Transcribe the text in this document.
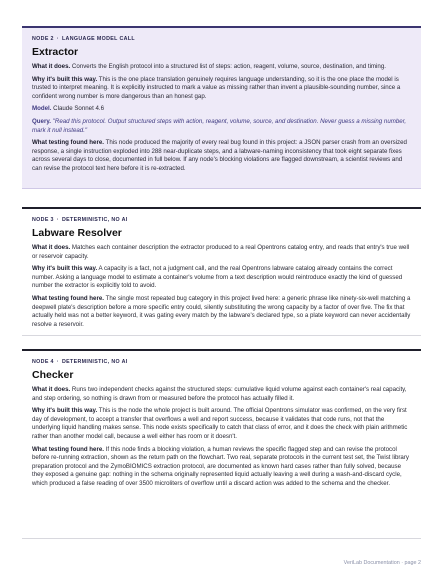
NODE 2 · LANGUAGE MODEL CALL
Extractor

What it does. Converts the English protocol into a structured list of steps: action, reagent, volume, source, destination, and timing.

Why it's built this way. This is the one place translation genuinely requires language understanding, so it is the one place the model is trusted to interpret meaning. It is explicitly instructed to mark a value as missing rather than invent a plausible-sounding number, since a confident wrong number is more dangerous than an honest gap.

Model. Claude Sonnet 4.6

Query. "Read this protocol. Output structured steps with action, reagent, volume, source, and destination. Never guess a missing number, mark it null instead."

What testing found here. This node produced the majority of every real bug found in this project: a JSON parser crash from an oversized response, a single instruction exploded into 288 near-duplicate steps, and a labware-naming inconsistency that took eight separate fixes across several days to close, documented in full below. If any node's blocking violations are flagged downstream, a scientist reviews and can revise the protocol text here before it is re-extracted.

NODE 3 · DETERMINISTIC, NO AI
Labware Resolver

What it does. Matches each container description the extractor produced to a real Opentrons catalog entry, and reads that entry's true well or reservoir capacity.

Why it's built this way. A capacity is a fact, not a judgment call, and the real Opentrons labware catalog already contains the correct number. Asking a language model to estimate a container's volume from a text description would reintroduce exactly the kind of guessed number the extractor is explicitly told to avoid.

What testing found here. The single most repeated bug category in this project lived here: a generic phrase like ninety-six-well matching a deepwell plate's description before a more specific entry could, silently substituting the wrong capacity by a factor of over five. The fix that actually held was not a better keyword, it was gating every match by the labware's declared type, so a plate keyword can never accidentally resolve a reservoir.

NODE 4 · DETERMINISTIC, NO AI
Checker

What it does. Runs two independent checks against the structured steps: cumulative liquid volume against each container's real capacity, and step ordering, so nothing is drawn from or measured before the protocol has actually filled it.

Why it's built this way. This is the node the whole project is built around. The official Opentrons simulator was confirmed, on the very first day of development, to accept a transfer that overflows a well and report success, because it validates that code runs, not that the underlying liquid handling makes sense. This node exists specifically to catch that class of error, and it does the check with plain arithmetic rather than another model call, because a well either has room or it doesn't.

What testing found here. If this node finds a blocking violation, a human reviews the specific flagged step and can revise the protocol before re-running extraction, shown as the return path on the flowchart. Two real, separate protocols in the current test set, the Twist library preparation protocol and the ZymoBIOMICS extraction protocol, are documented as known hard cases rather than fully solved, because they exposed a genuine gap: nothing in the schema originally represented liquid actually leaving a well during a wash-and-discard cycle, which produced a false reading of over 3500 microliters of overflow until a discard action was added to the schema and the checker.

VeriLab Documentation · page 2
